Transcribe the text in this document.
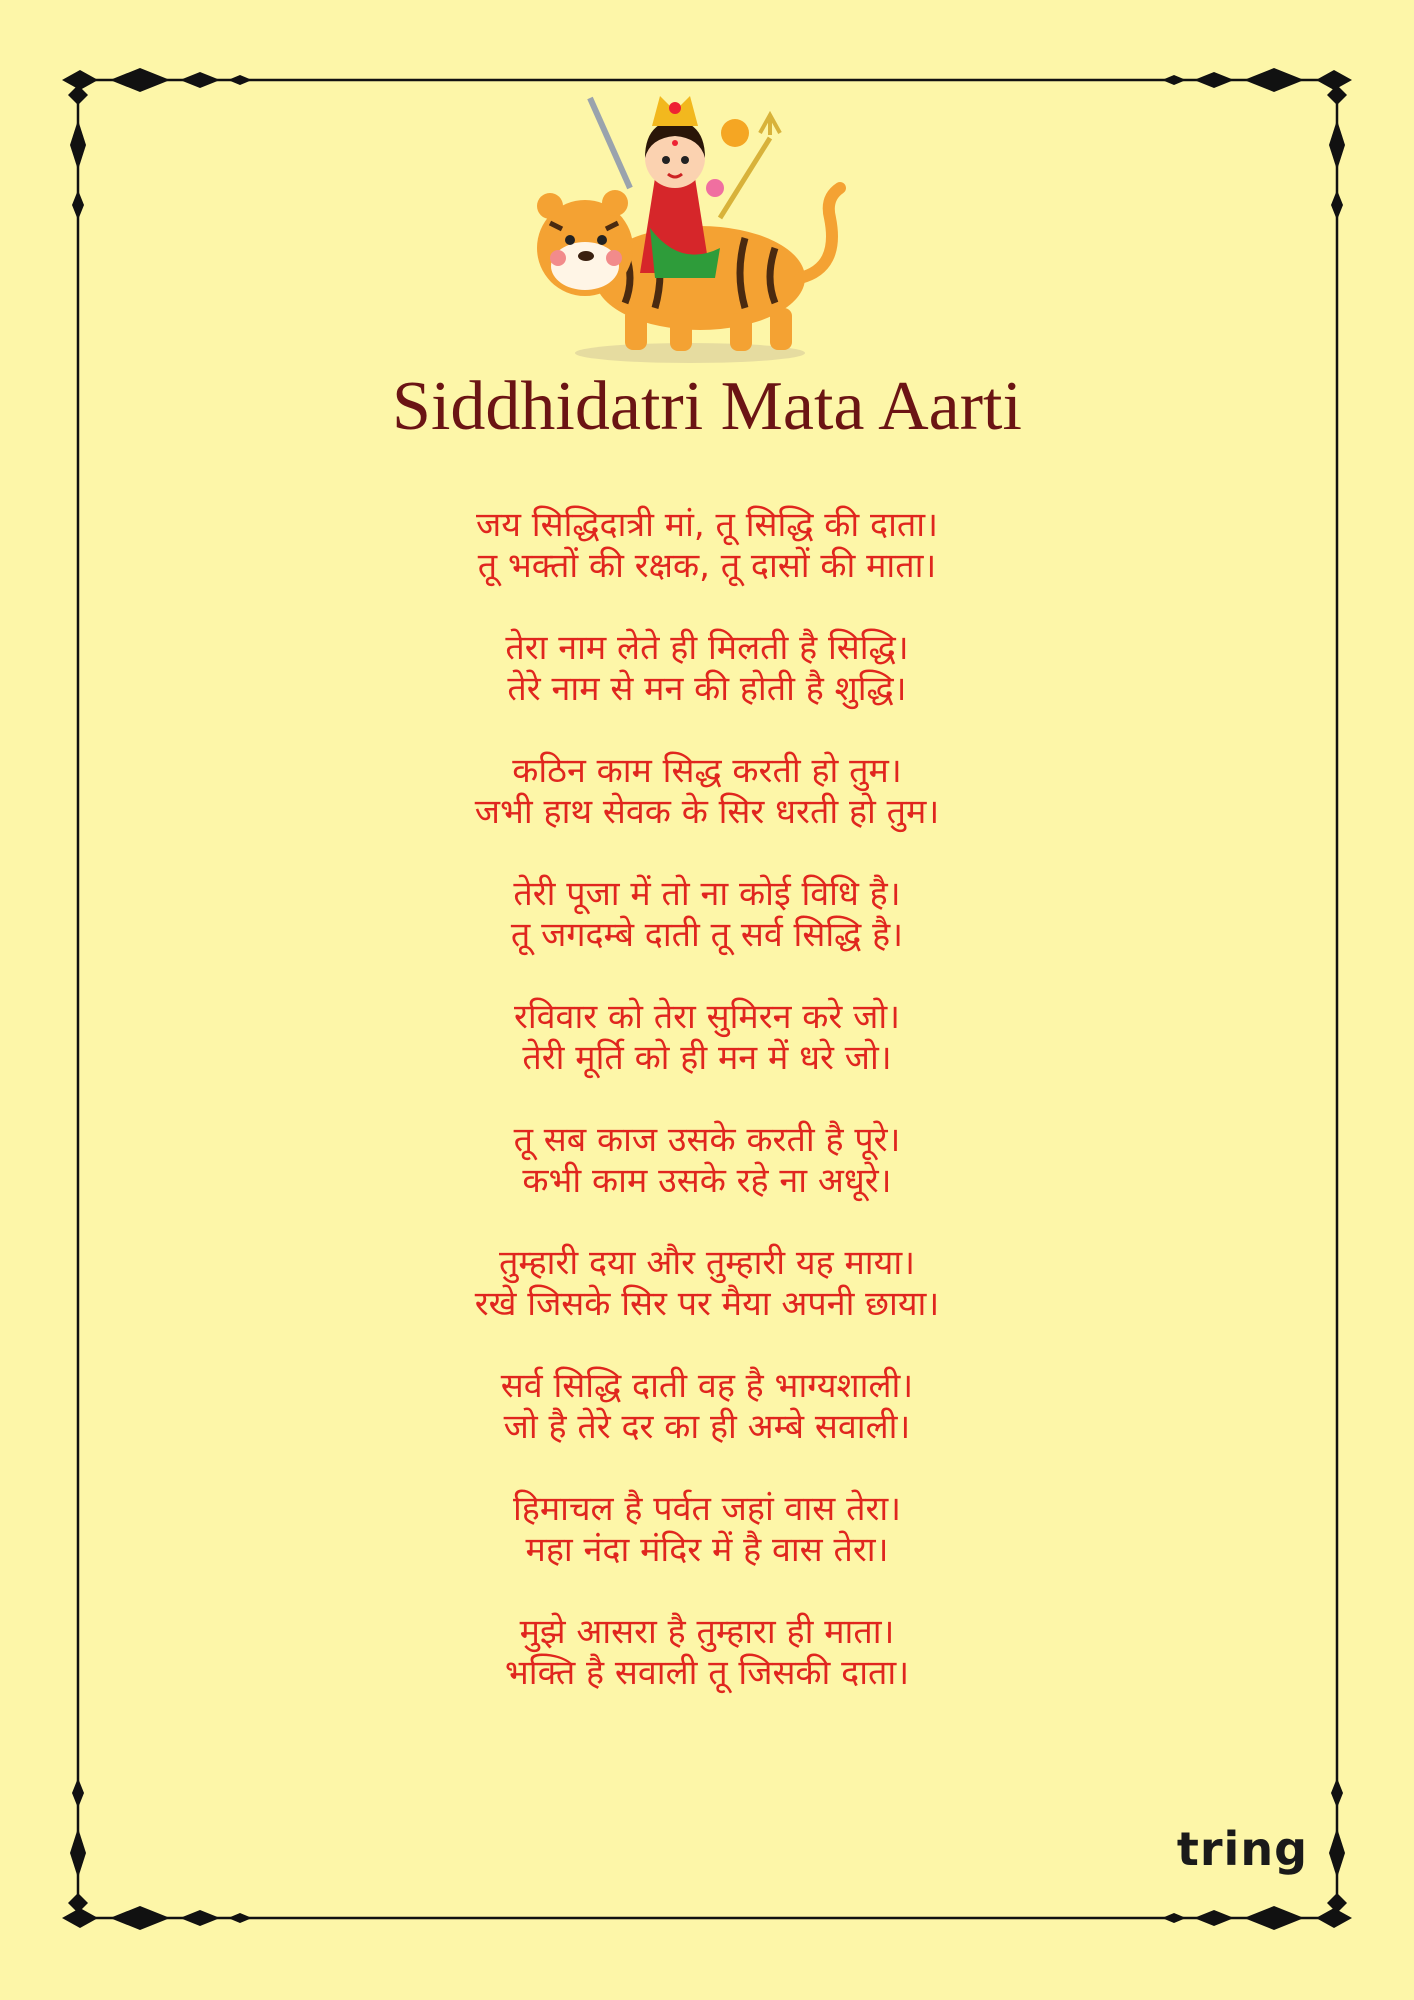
Siddhidatri Mata Aarti
जय सिद्धिदात्री मां, तू सिद्धि की दाता।
तू भक्तों की रक्षक, तू दासों की माता।
तेरा नाम लेते ही मिलती है सिद्धि।
तेरे नाम से मन की होती है शुद्धि।
कठिन काम सिद्ध करती हो तुम।
जभी हाथ सेवक के सिर धरती हो तुम।
तेरी पूजा में तो ना कोई विधि है।
तू जगदम्बे दाती तू सर्व सिद्धि है।
रविवार को तेरा सुमिरन करे जो।
तेरी मूर्ति को ही मन में धरे जो।
तू सब काज उसके करती है पूरे।
कभी काम उसके रहे ना अधूरे।
तुम्हारी दया और तुम्हारी यह माया।
रखे जिसके सिर पर मैया अपनी छाया।
सर्व सिद्धि दाती वह है भाग्यशाली।
जो है तेरे दर का ही अम्बे सवाली।
हिमाचल है पर्वत जहां वास तेरा।
महा नंदा मंदिर में है वास तेरा।
मुझे आसरा है तुम्हारा ही माता।
भक्ति है सवाली तू जिसकी दाता।
tring
